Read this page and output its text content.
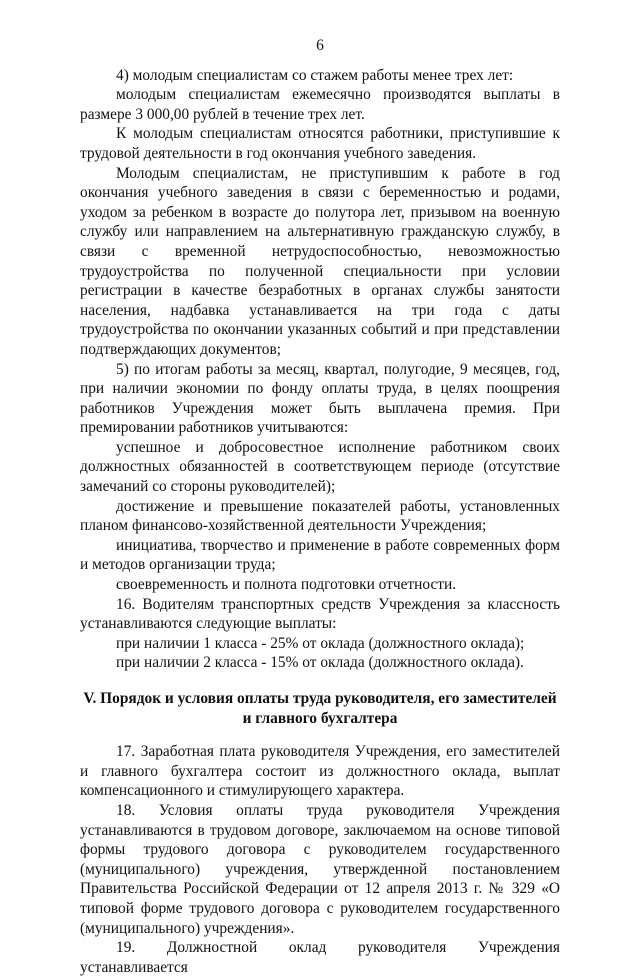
6

4) молодым специалистам со стажем работы менее трех лет:

молодым специалистам ежемесячно производятся выплаты в размере 3 000,00 рублей в течение трех лет.

К молодым специалистам относятся работники, приступившие к трудовой деятельности в год окончания учебного заведения.

Молодым специалистам, не приступившим к работе в год окончания учебного заведения в связи с беременностью и родами, уходом за ребенком в возрасте до полутора лет, призывом на военную службу или направлением на альтернативную гражданскую службу, в связи с временной нетрудоспособностью, невозможностью трудоустройства по полученной специальности при условии регистрации в качестве безработных в органах службы занятости населения, надбавка устанавливается на три года с даты трудоустройства по окончании указанных событий и при представлении подтверждающих документов;

5) по итогам работы за месяц, квартал, полугодие, 9 месяцев, год, при наличии экономии по фонду оплаты труда, в целях поощрения работников Учреждения может быть выплачена премия. При премировании работников учитываются:

успешное и добросовестное исполнение работником своих должностных обязанностей в соответствующем периоде (отсутствие замечаний со стороны руководителей);

достижение и превышение показателей работы, установленных планом финансово-хозяйственной деятельности Учреждения;

инициатива, творчество и применение в работе современных форм и методов организации труда;

своевременность и полнота подготовки отчетности.

16. Водителям транспортных средств Учреждения за классность устанавливаются следующие выплаты:

при наличии 1 класса - 25% от оклада (должностного оклада);

при наличии 2 класса - 15% от оклада (должностного оклада).

V. Порядок и условия оплаты труда руководителя, его заместителей и главного бухгалтера

17. Заработная плата руководителя Учреждения, его заместителей и главного бухгалтера состоит из должностного оклада, выплат компенсационного и стимулирующего характера.

18. Условия оплаты труда руководителя Учреждения устанавливаются в трудовом договоре, заключаемом на основе типовой формы трудового договора с руководителем государственного (муниципального) учреждения, утвержденной постановлением Правительства Российской Федерации от 12 апреля 2013 г. № 329 «О типовой форме трудового договора с руководителем государственного (муниципального) учреждения».

19. Должностной оклад руководителя Учреждения устанавливается
